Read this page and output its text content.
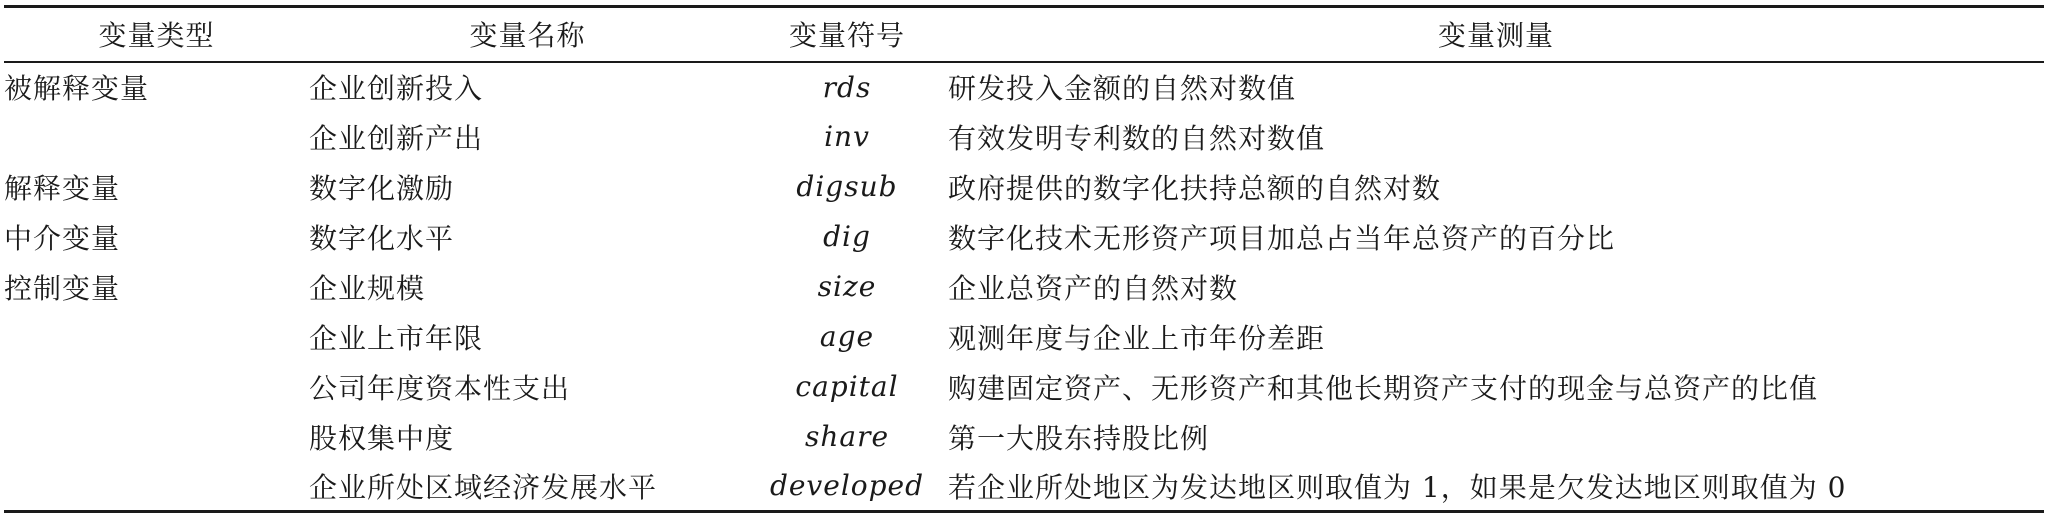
变量类型	变量名称	变量符号	变量测量
被解释变量	企业创新投入	rds	研发投入金额的自然对数值
	企业创新产出	inv	有效发明专利数的自然对数值
解释变量	数字化激励	digsub	政府提供的数字化扶持总额的自然对数
中介变量	数字化水平	dig	数字化技术无形资产项目加总占当年总资产的百分比
控制变量	企业规模	size	企业总资产的自然对数
	企业上市年限	age	观测年度与企业上市年份差距
	公司年度资本性支出	capital	购建固定资产、无形资产和其他长期资产支付的现金与总资产的比值
	股权集中度	share	第一大股东持股比例
	企业所处区域经济发展水平	developed	若企业所处地区为发达地区则取值为 1，如果是欠发达地区则取值为 0
